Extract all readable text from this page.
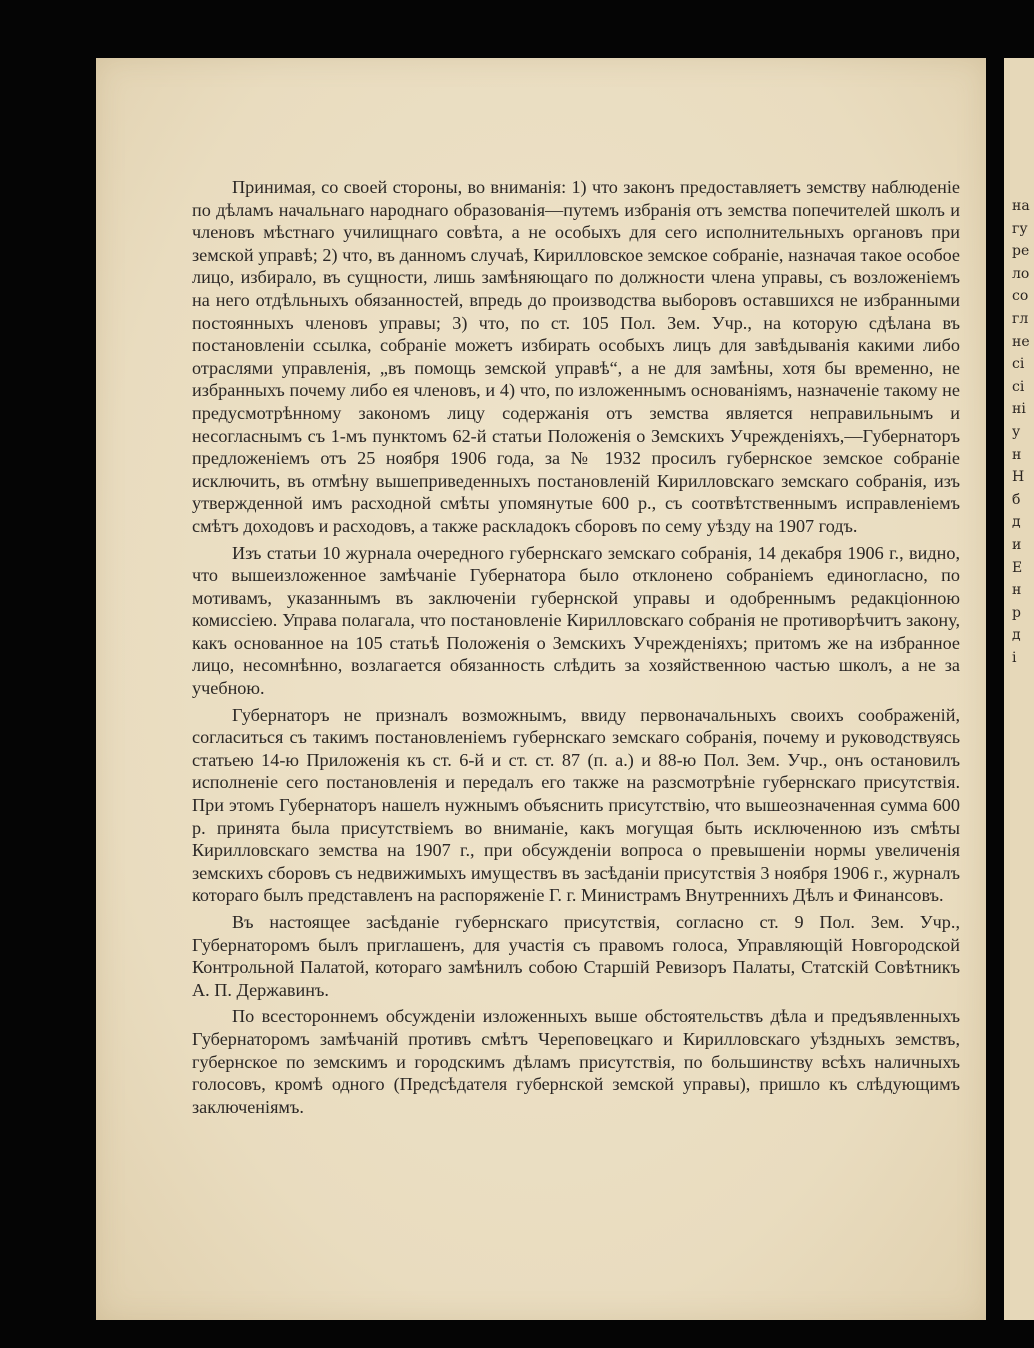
на
гу
ре
ло
со
гл
не
сі
сі
ні
у
н
Н
б
д
и
Е
н
р
д
і

Принимая, со своей стороны, во вниманія: 1) что законъ предоставляетъ земству наблюденіе по дѣламъ начальнаго народнаго образованія—путемъ избранія отъ земства попечителей школъ и членовъ мѣстнаго училищнаго совѣта, а не особыхъ для сего исполнительныхъ органовъ при земской управѣ; 2) что, въ данномъ случаѣ, Кирилловское земское собраніе, назначая такое особое лицо, избирало, въ сущности, лишь замѣняющаго по должности члена управы, съ возложеніемъ на него отдѣльныхъ обязанностей, впредь до производства выборовъ оставшихся не избранными постоянныхъ членовъ управы; 3) что, по ст. 105 Пол. Зем. Учр., на которую сдѣлана въ постановленіи ссылка, собраніе можетъ избирать особыхъ лицъ для завѣдыванія какими либо отраслями управленія, „въ помощь земской управѣ“, а не для замѣны, хотя бы временно, не избранныхъ почему либо ея членовъ, и 4) что, по изложеннымъ основаніямъ, назначеніе такому не предусмотрѣнному закономъ лицу содержанія отъ земства является неправильнымъ и несогласнымъ съ 1-мъ пунктомъ 62-й статьи Положенія о Земскихъ Учрежденіяхъ,—Губернаторъ предложеніемъ отъ 25 ноября 1906 года, за № 1932 просилъ губернское земское собраніе исключить, въ отмѣну вышеприведенныхъ постановленій Кирилловскаго земскаго собранія, изъ утвержденной имъ расходной смѣты упомянутые 600 р., съ соотвѣтственнымъ исправленіемъ смѣтъ доходовъ и расходовъ, а также раскладокъ сборовъ по сему уѣзду на 1907 годъ.

Изъ статьи 10 журнала очередного губернскаго земскаго собранія, 14 декабря 1906 г., видно, что вышеизложенное замѣчаніе Губернатора было отклонено собраніемъ единогласно, по мотивамъ, указаннымъ въ заключеніи губернской управы и одобреннымъ редакціонною комиссіею. Управа полагала, что постановленіе Кирилловскаго собранія не противорѣчитъ закону, какъ основанное на 105 статьѣ Положенія о Земскихъ Учрежденіяхъ; притомъ же на избранное лицо, несомнѣнно, возлагается обязанность слѣдить за хозяйственною частью школъ, а не за учебною.

Губернаторъ не призналъ возможнымъ, ввиду первоначальныхъ своихъ соображеній, согласиться съ такимъ постановленіемъ губернскаго земскаго собранія, почему и руководствуясь статьею 14-ю Приложенія къ ст. 6-й и ст. ст. 87 (п. а.) и 88-ю Пол. Зем. Учр., онъ остановилъ исполненіе сего постановленія и передалъ его также на разсмотрѣніе губернскаго присутствія. При этомъ Губернаторъ нашелъ нужнымъ объяснить присутствію, что вышеозначенная сумма 600 р. принята была присутствіемъ во вниманіе, какъ могущая быть исключенною изъ смѣты Кирилловскаго земства на 1907 г., при обсужденіи вопроса о превышеніи нормы увеличенія земскихъ сборовъ съ недвижимыхъ имуществъ въ засѣданіи присутствія 3 ноября 1906 г., журналъ котораго былъ представленъ на распоряженіе Г. г. Министрамъ Внутреннихъ Дѣлъ и Финансовъ.

Въ настоящее засѣданіе губернскаго присутствія, согласно ст. 9 Пол. Зем. Учр., Губернаторомъ былъ приглашенъ, для участія съ правомъ голоса, Управляющій Новгородской Контрольной Палатой, котораго замѣнилъ собою Старшій Ревизоръ Палаты, Статскій Совѣтникъ А. П. Державинъ.

По всестороннемъ обсужденіи изложенныхъ выше обстоятельствъ дѣла и предъявленныхъ Губернаторомъ замѣчаній противъ смѣтъ Череповецкаго и Кирилловскаго уѣздныхъ земствъ, губернское по земскимъ и городскимъ дѣламъ присутствія, по большинству всѣхъ наличныхъ голосовъ, кромѣ одного (Предсѣдателя губернской земской управы), пришло къ слѣдующимъ заключеніямъ.
